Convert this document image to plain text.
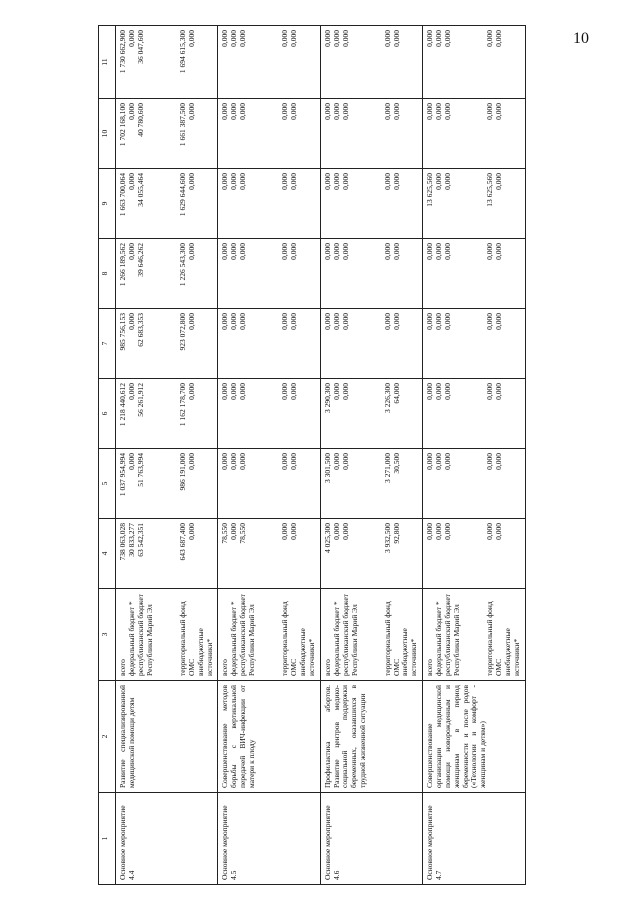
10
1	2	3	4	5	6	7	8	9	10	11
Основное мероприятие 4.4	Развитие специализированной медицинской помощи детям	всего федеральный бюджет * республиканский бюджет Республики Марий Эл территориальный фонд ОМС внебюджетные источники*	738 063,028 30 833,277 63 542,351 643 687,400 0,000	1 037 954,994 0,000 51 763,994 986 191,000 0,000	1 218 440,612 0,000 56 261,912 1 162 178,700 0,000	985 756,153 0,000 62 683,353 923 072,800 0,000	1 266 189,562 0,000 39 646,262 1 226 543,300 0,000	1 663 700,064 0,000 34 055,464 1 629 644,600 0,000	1 702 168,100 0,000 40 780,600 1 661 387,500 0,000	1 730 662,900 0,000 36 047,600 1 694 615,300 0,000

Основное мероприятие 4.5	Совершенствование методов борьбы с вертикальной передачей ВИЧ-инфекции от матери к плоду	всего федеральный бюджет * республиканский бюджет Республики Марий Эл территориальный фонд ОМС внебюджетные источники*	78,550 0,000 78,550 0,000 0,000	0,000 0,000 0,000 0,000 0,000	0,000 0,000 0,000 0,000 0,000	0,000 0,000 0,000 0,000 0,000	0,000 0,000 0,000 0,000 0,000	0,000 0,000 0,000 0,000 0,000	0,000 0,000 0,000 0,000 0,000	0,000 0,000 0,000 0,000 0,000

Основное мероприятие 4.6	Профилактика абортов. Развитие центров медико-социальной поддержки беременных, оказавшихся в трудной жизненной ситуации	всего федеральный бюджет * республиканский бюджет Республики Марий Эл территориальный фонд ОМС внебюджетные источники*	4 025,300 0,000 0,000 3 932,500 92,800	3 301,500 0,000 0,000 3 271,000 30,500	3 290,300 0,000 0,000 3 226,300 64,000	0,000 0,000 0,000 0,000 0,000	0,000 0,000 0,000 0,000 0,000	0,000 0,000 0,000 0,000 0,000	0,000 0,000 0,000 0,000 0,000	0,000 0,000 0,000 0,000 0,000

Основное мероприятие 4.7	Совершенствование организации медицинской помощи новорожденным и женщинам в период беременности и после родов («Технологии и комфорт - женщинам и детям»)	всего федеральный бюджет * республиканский бюджет Республики Марий Эл территориальный фонд ОМС внебюджетные источники*	0,000 0,000 0,000 0,000 0,000	0,000 0,000 0,000 0,000 0,000	0,000 0,000 0,000 0,000 0,000	0,000 0,000 0,000 0,000 0,000	0,000 0,000 0,000 0,000 0,000	13 625,560 0,000 0,000 13 625,560 0,000	0,000 0,000 0,000 0,000 0,000	0,000 0,000 0,000 0,000 0,000
